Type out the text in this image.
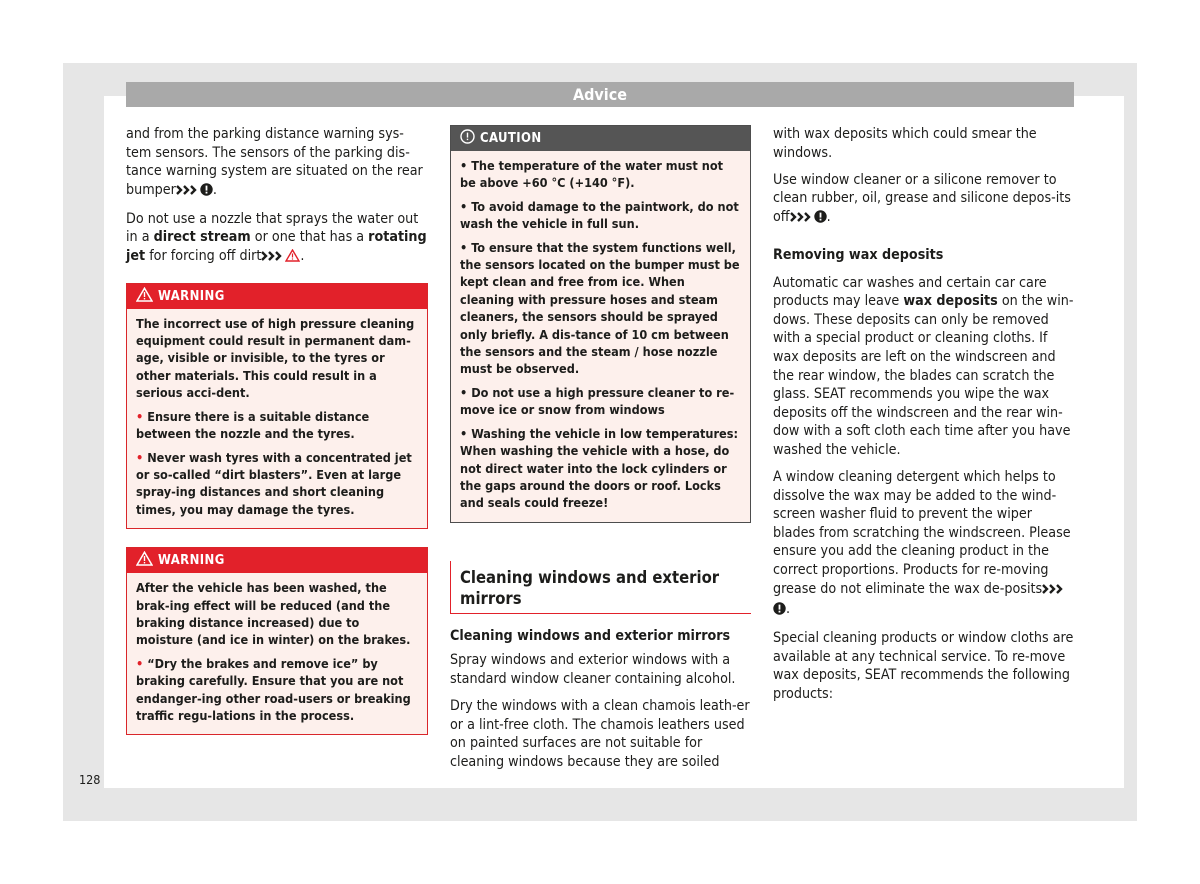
Advice
128

and from the parking distance warning sys-tem sensors. The sensors of the parking dis-tance warning system are situated on the rear bumper	.

Do not use a nozzle that sprays the water out in a direct stream or one that has a rotating jet for forcing off dirt	.

WARNING

The incorrect use of high pressure cleaning equipment could result in permanent dam-age, visible or invisible, to the tyres or other materials. This could result in a serious acci-dent.

• Ensure there is a suitable distance between the nozzle and the tyres.

• Never wash tyres with a concentrated jet or so-called “dirt blasters”. Even at large spray-ing distances and short cleaning times, you may damage the tyres.

WARNING

After the vehicle has been washed, the brak-ing effect will be reduced (and the braking distance increased) due to moisture (and ice in winter) on the brakes.

• “Dry the brakes and remove ice” by braking carefully. Ensure that you are not endanger-ing other road-users or breaking traffic regu-lations in the process.

CAUTION

• The temperature of the water must not be above +60 °C (+140 °F).

• To avoid damage to the paintwork, do not wash the vehicle in full sun.

• To ensure that the system functions well, the sensors located on the bumper must be kept clean and free from ice. When cleaning with pressure hoses and steam cleaners, the sensors should be sprayed only briefly. A dis-tance of 10 cm between the sensors and the steam / hose nozzle must be observed.

• Do not use a high pressure cleaner to re-move ice or snow from windows

• Washing the vehicle in low temperatures: When washing the vehicle with a hose, do not direct water into the lock cylinders or the gaps around the doors or roof. Locks and seals could freeze!

Cleaning windows and exterior mirrors

Cleaning windows and exterior mirrors

Spray windows and exterior windows with a standard window cleaner containing alcohol.

Dry the windows with a clean chamois leath-er or a lint-free cloth. The chamois leathers used on painted surfaces are not suitable for cleaning windows because they are soiled

with wax deposits which could smear the windows.

Use window cleaner or a silicone remover to clean rubber, oil, grease and silicone depos-its off	.

Removing wax deposits

Automatic car washes and certain car care products may leave wax deposits on the win-dows. These deposits can only be removed with a special product or cleaning cloths. If wax deposits are left on the windscreen and the rear window, the blades can scratch the glass. SEAT recommends you wipe the wax deposits off the windscreen and the rear win-dow with a soft cloth each time after you have washed the vehicle.

A window cleaning detergent which helps to dissolve the wax may be added to the wind-screen washer fluid to prevent the wiper blades from scratching the windscreen. Please ensure you add the cleaning product in the correct proportions. Products for re-moving grease do not eliminate the wax de-posits.

Special cleaning products or window cloths are available at any technical service. To re-move wax deposits, SEAT recommends the following products:
